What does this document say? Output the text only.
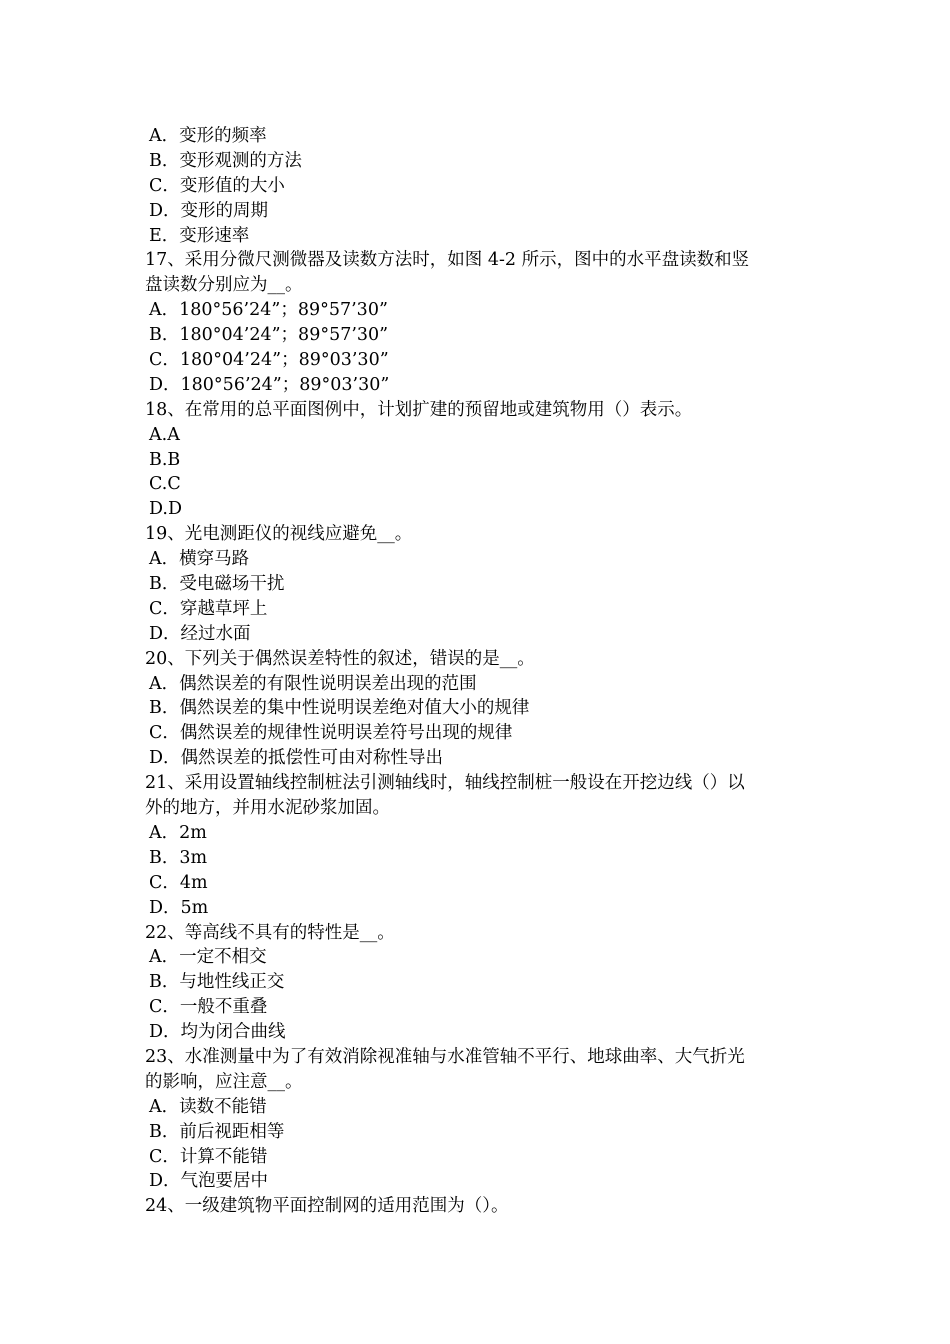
A．变形的频率
B．变形观测的方法
C．变形值的大小
D．变形的周期
E．变形速率
17、采用分微尺测微器及读数方法时，如图 4-2 所示，图中的水平盘读数和竖
盘读数分别应为__。
A．180°56’24”；89°57’30”
B．180°04’24”；89°57’30”
C．180°04’24”；89°03’30”
D．180°56’24”；89°03’30”
18、在常用的总平面图例中，计划扩建的预留地或建筑物用（）表示。
A.A
B.B
C.C
D.D
19、光电测距仪的视线应避免__。
A．横穿马路
B．受电磁场干扰
C．穿越草坪上
D．经过水面
20、下列关于偶然误差特性的叙述，错误的是__。
A．偶然误差的有限性说明误差出现的范围
B．偶然误差的集中性说明误差绝对值大小的规律
C．偶然误差的规律性说明误差符号出现的规律
D．偶然误差的抵偿性可由对称性导出
21、采用设置轴线控制桩法引测轴线时，轴线控制桩一般设在开挖边线（）以
外的地方，并用水泥砂浆加固。
A．2m
B．3m
C．4m
D．5m
22、等高线不具有的特性是__。
A．一定不相交
B．与地性线正交
C．一般不重叠
D．均为闭合曲线
23、水准测量中为了有效消除视准轴与水准管轴不平行、地球曲率、大气折光
的影响，应注意__。
A．读数不能错
B．前后视距相等
C．计算不能错
D．气泡要居中
24、一级建筑物平面控制网的适用范围为（）。
